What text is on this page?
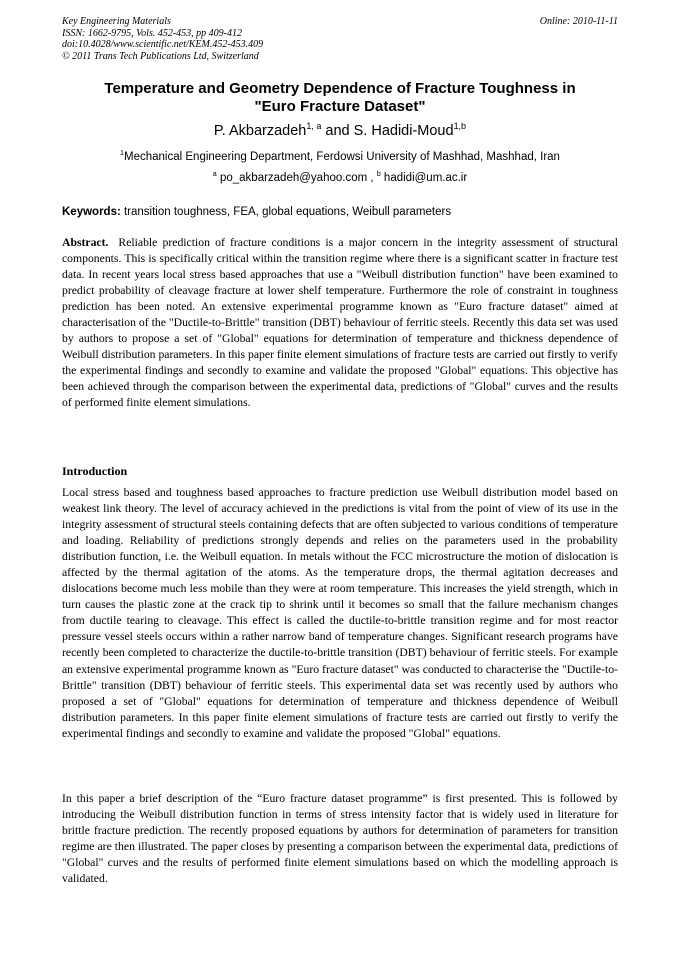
Key Engineering Materials
ISSN: 1662-9795, Vols. 452-453, pp 409-412
doi:10.4028/www.scientific.net/KEM.452-453.409
© 2011 Trans Tech Publications Ltd, Switzerland
Online: 2010-11-11
Temperature and Geometry Dependence of Fracture Toughness in
"Euro Fracture Dataset"
P. Akbarzadeh$^{1, a}$ and S. Hadidi-Moud$^{1,b}$
$^1$Mechanical Engineering Department, Ferdowsi University of Mashhad, Mashhad, Iran
$^a$ po_akbarzadeh@yahoo.com , $^b$ hadidi@um.ac.ir
Keywords: transition toughness, FEA, global equations, Weibull parameters

Abstract. Reliable prediction of fracture conditions is a major concern in the integrity assessment of structural components. This is specifically critical within the transition regime where there is a significant scatter in fracture test data. In recent years local stress based approaches that use a "Weibull distribution function" have been examined to predict probability of cleavage fracture at lower shelf temperature. Furthermore the role of constraint in toughness prediction has been noted. An extensive experimental programme known as "Euro fracture dataset" aimed at characterisation of the "Ductile-to-Brittle" transition (DBT) behaviour of ferritic steels. Recently this data set was used by authors to propose a set of "Global" equations for determination of temperature and thickness dependence of Weibull distribution parameters. In this paper finite element simulations of fracture tests are carried out firstly to verify the experimental findings and secondly to examine and validate the proposed "Global" equations. This objective has been achieved through the comparison between the experimental data, predictions of "Global" curves and the results of performed finite element simulations.

Introduction

Local stress based and toughness based approaches to fracture prediction use Weibull distribution model based on weakest link theory. The level of accuracy achieved in the predictions is vital from the point of view of its use in the integrity assessment of structural steels containing defects that are often subjected to various conditions of temperature and loading. Reliability of predictions strongly depends and relies on the parameters used in the probability distribution function, i.e. the Weibull equation. In metals without the FCC microstructure the motion of dislocation is affected by the thermal agitation of the atoms. As the temperature drops, the thermal agitation decreases and dislocations become much less mobile than they were at room temperature. This increases the yield strength, which in turn causes the plastic zone at the crack tip to shrink until it becomes so small that the failure mechanism changes from ductile tearing to cleavage. This effect is called the ductile-to-brittle transition regime and for most reactor pressure vessel steels occurs within a rather narrow band of temperature changes. Significant research programs have recently been completed to characterize the ductile-to-brittle transition (DBT) behaviour of ferritic steels. For example an extensive experimental programme known as "Euro fracture dataset" was conducted to characterise the "Ductile-to-Brittle" transition (DBT) behaviour of ferritic steels. This experimental data set was recently used by authors who proposed a set of "Global" equations for determination of temperature and thickness dependence of Weibull distribution parameters. In this paper finite element simulations of fracture tests are carried out firstly to verify the experimental findings and secondly to examine and validate the proposed "Global" equations.

In this paper a brief description of the “Euro fracture dataset programme” is first presented. This is followed by introducing the Weibull distribution function in terms of stress intensity factor that is widely used in literature for brittle fracture prediction. The recently proposed equations by authors for determination of parameters for transition regime are then illustrated. The paper closes by presenting a comparison between the experimental data, predictions of "Global" curves and the results of performed finite element simulations based on which the modelling approach is validated.
